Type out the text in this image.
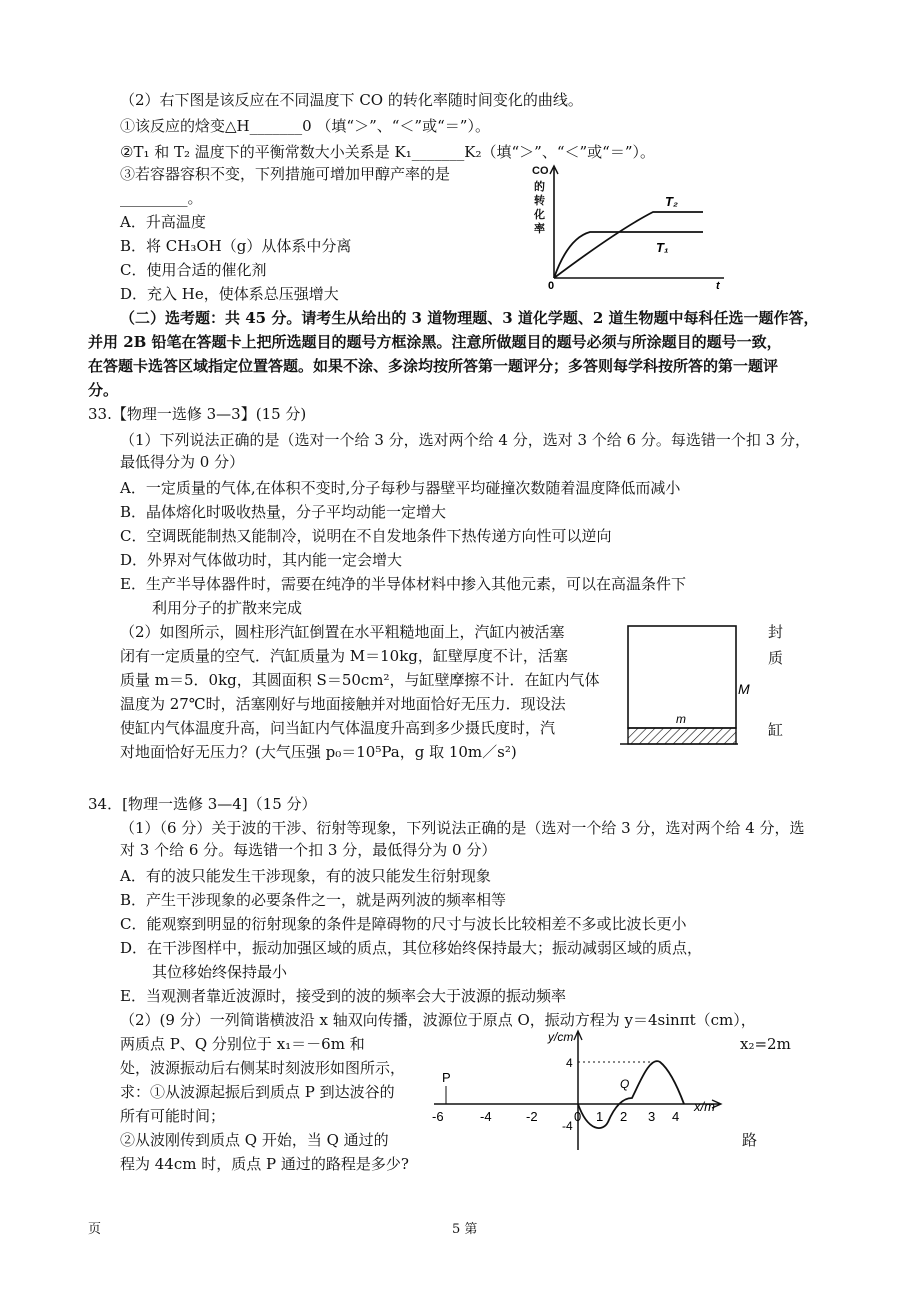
（2）右下图是该反应在不同温度下 CO 的转化率随时间变化的曲线。
①该反应的焓变△H_______0 （填“＞”、“＜”或“＝”）。
②T₁ 和 T₂ 温度下的平衡常数大小关系是 K₁_______K₂（填“＞”、“＜”或“＝”）。
③若容器容积不变，下列措施可增加甲醇产率的是
_________。
A．升高温度
B．将 CH₃OH（g）从体系中分离
C．使用合适的催化剂
D．充入 He，使体系总压强增大
CO
的
转
化
率
0	t
T₂
T₁
（二）选考题：共 45 分。请考生从给出的 3 道物理题、3 道化学题、2 道生物题中每科任选一题作答，
并用 2B 铅笔在答题卡上把所选题目的题号方框涂黑。注意所做题目的题号必须与所涂题目的题号一致，
在答题卡选答区域指定位置答题。如果不涂、多涂均按所答第一题评分；多答则每学科按所答的第一题评
分。
33.【物理一选修 3—3】(15 分)
（1）下列说法正确的是（选对一个给 3 分，选对两个给 4 分，选对 3 个给 6 分。每选错一个扣 3 分，
最低得分为 0 分）
A．一定质量的气体,在体积不变时,分子每秒与器壁平均碰撞次数随着温度降低而减小
B．晶体熔化时吸收热量，分子平均动能一定增大
C．空调既能制热又能制冷，说明在不自发地条件下热传递方向性可以逆向
D．外界对气体做功时，其内能一定会增大
E．生产半导体器件时，需要在纯净的半导体材料中掺入其他元素，可以在高温条件下
利用分子的扩散来完成
（2）如图所示，圆柱形汽缸倒置在水平粗糙地面上，汽缸内被活塞
闭有一定质量的空气．汽缸质量为 M＝10kg，缸壁厚度不计，活塞
质量 m＝5．0kg，其圆面积 S＝50cm²，与缸壁摩擦不计．在缸内气体
温度为 27℃时，活塞刚好与地面接触并对地面恰好无压力．现设法
使缸内气体温度升高，问当缸内气体温度升高到多少摄氏度时，汽
对地面恰好无压力？(大气压强 p₀＝10⁵Pa，g 取 10m／s²)
封
质
缸
M
m
34．[物理一选修 3—4]（15 分）
（1）（6 分）关于波的干涉、衍射等现象，下列说法正确的是（选对一个给 3 分，选对两个给 4 分，选
对 3 个给 6 分。每选错一个扣 3 分，最低得分为 0 分）
A．有的波只能发生干涉现象，有的波只能发生衍射现象
B．产生干涉现象的必要条件之一，就是两列波的频率相等
C．能观察到明显的衍射现象的条件是障碍物的尺寸与波长比较相差不多或比波长更小
D．在干涉图样中，振动加强区域的质点，其位移始终保持最大；振动减弱区域的质点，
其位移始终保持最小
E．当观测者靠近波源时，接受到的波的频率会大于波源的振动频率
（2）(9 分）一列简谐横波沿 x 轴双向传播，波源位于原点 O，振动方程为 y＝4sinπt（cm），
两质点 P、Q 分别位于 x₁＝－6m 和
处，波源振动后右侧某时刻波形如图所示，
求：①从波源起振后到质点 P 到达波谷的
所有可能时间；
②从波刚传到质点 Q 开始，当 Q 通过的
程为 44cm 时，质点 P 通过的路程是多少?
x₂=2m
路
y/cm
4
-4
-6	-4	-2	0 1 2 3 4
x/m
P	Q
页	5 第
